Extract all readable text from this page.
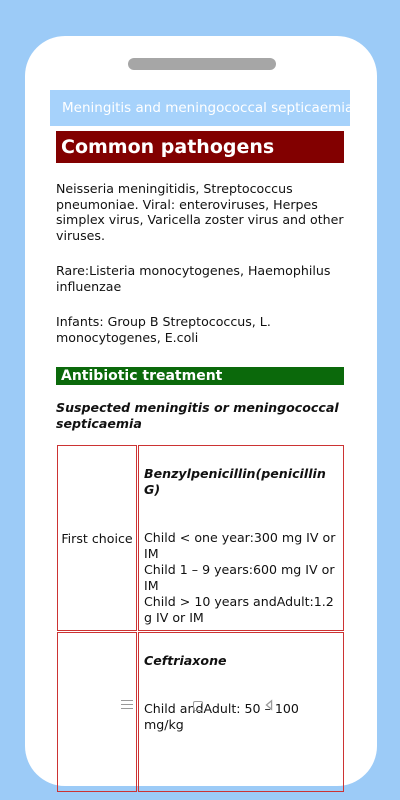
Meningitis and meningococcal septicaemia
Common pathogens

Neisseria meningitidis, Streptococcus pneumoniae. Viral: enteroviruses, Herpes simplex virus, Varicella zoster virus and other viruses.

Rare:Listeria monocytogenes, Haemophilus influenzae

Infants: Group B Streptococcus, L. monocytogenes, E.coli

Antibiotic treatment
Suspected meningitis or meningococcal septicaemia
First choice	Benzylpenicillin(penicillin G)
Child < one year:300 mg IV or IM
Child 1 – 9 years:600 mg IV or IM
Child > 10 years andAdult:1.2 g IV or IM

	Ceftriaxone
Child andAdult: 50 – 100 mg/kg
